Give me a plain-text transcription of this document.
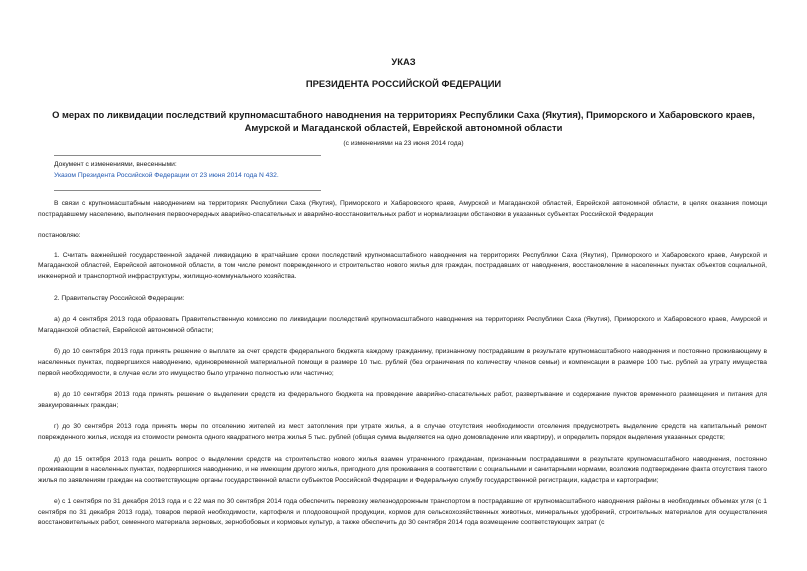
УКАЗ
ПРЕЗИДЕНТА РОССИЙСКОЙ ФЕДЕРАЦИИ
О мерах по ликвидации последствий крупномасштабного наводнения на территориях Республики Саха (Якутия), Приморского и Хабаровского краев, Амурской и Магаданской областей, Еврейской автономной области
(с изменениями на 23 июня 2014 года)
Документ с изменениями, внесенными:
Указом Президента Российской Федерации от 23 июня 2014 года N 432.

В связи с крупномасштабным наводнением на территориях Республики Саха (Якутия), Приморского и Хабаровского краев, Амурской и Магаданской областей, Еврейской автономной области, в целях оказания помощи пострадавшему населению, выполнения первоочередных аварийно-спасательных и аварийно-восстановительных работ и нормализации обстановки в указанных субъектах Российской Федерации

постановляю:

1. Считать важнейшей государственной задачей ликвидацию в кратчайшие сроки последствий крупномасштабного наводнения на территориях Республики Саха (Якутия), Приморского и Хабаровского краев, Амурской и Магаданской областей, Еврейской автономной области, в том числе ремонт поврежденного и строительство нового жилья для граждан, пострадавших от наводнения, восстановление в населенных пунктах объектов социальной, инженерной и транспортной инфраструктуры, жилищно-коммунального хозяйства.

2. Правительству Российской Федерации:

а) до 4 сентября 2013 года образовать Правительственную комиссию по ликвидации последствий крупномасштабного наводнения на территориях Республики Саха (Якутия), Приморского и Хабаровского краев, Амурской и Магаданской областей, Еврейской автономной области;

б) до 10 сентября 2013 года принять решение о выплате за счет средств федерального бюджета каждому гражданину, признанному пострадавшим в результате крупномасштабного наводнения и постоянно проживающему в населенных пунктах, подвергшихся наводнению, единовременной материальной помощи в размере 10 тыс. рублей (без ограничения по количеству членов семьи) и компенсации в размере 100 тыс. рублей за утрату имущества первой необходимости, в случае если это имущество было утрачено полностью или частично;

в) до 10 сентября 2013 года принять решение о выделении средств из федерального бюджета на проведение аварийно-спасательных работ, развертывание и содержание пунктов временного размещения и питания для эвакуированных граждан;

г) до 30 сентября 2013 года принять меры по отселению жителей из мест затопления при утрате жилья, а в случае отсутствия необходимости отселения предусмотреть выделение средств на капитальный ремонт поврежденного жилья, исходя из стоимости ремонта одного квадратного метра жилья 5 тыс. рублей (общая сумма выделяется на одно домовладение или квартиру), и определить порядок выделения указанных средств;

д) до 15 октября 2013 года решить вопрос о выделении средств на строительство нового жилья взамен утраченного гражданам, признанным пострадавшими в результате крупномасштабного наводнения, постоянно проживающим в населенных пунктах, подвергшихся наводнению, и не имеющим другого жилья, пригодного для проживания в соответствии с социальными и санитарными нормами, возложив подтверждение факта отсутствия такого жилья по заявлениям граждан на соответствующие органы государственной власти субъектов Российской Федерации и Федеральную службу государственной регистрации, кадастра и картографии;

е) с 1 сентября по 31 декабря 2013 года и с 22 мая по 30 сентября 2014 года обеспечить перевозку железнодорожным транспортом в пострадавшие от крупномасштабного наводнения районы в необходимых объемах угля (с 1 сентября по 31 декабря 2013 года), товаров первой необходимости, картофеля и плодоовощной продукции, кормов для сельскохозяйственных животных, минеральных удобрений, строительных материалов для осуществления восстановительных работ, семенного материала зерновых, зернобобовых и кормовых культур, а также обеспечить до 30 сентября 2014 года возмещение соответствующих затрат (с
